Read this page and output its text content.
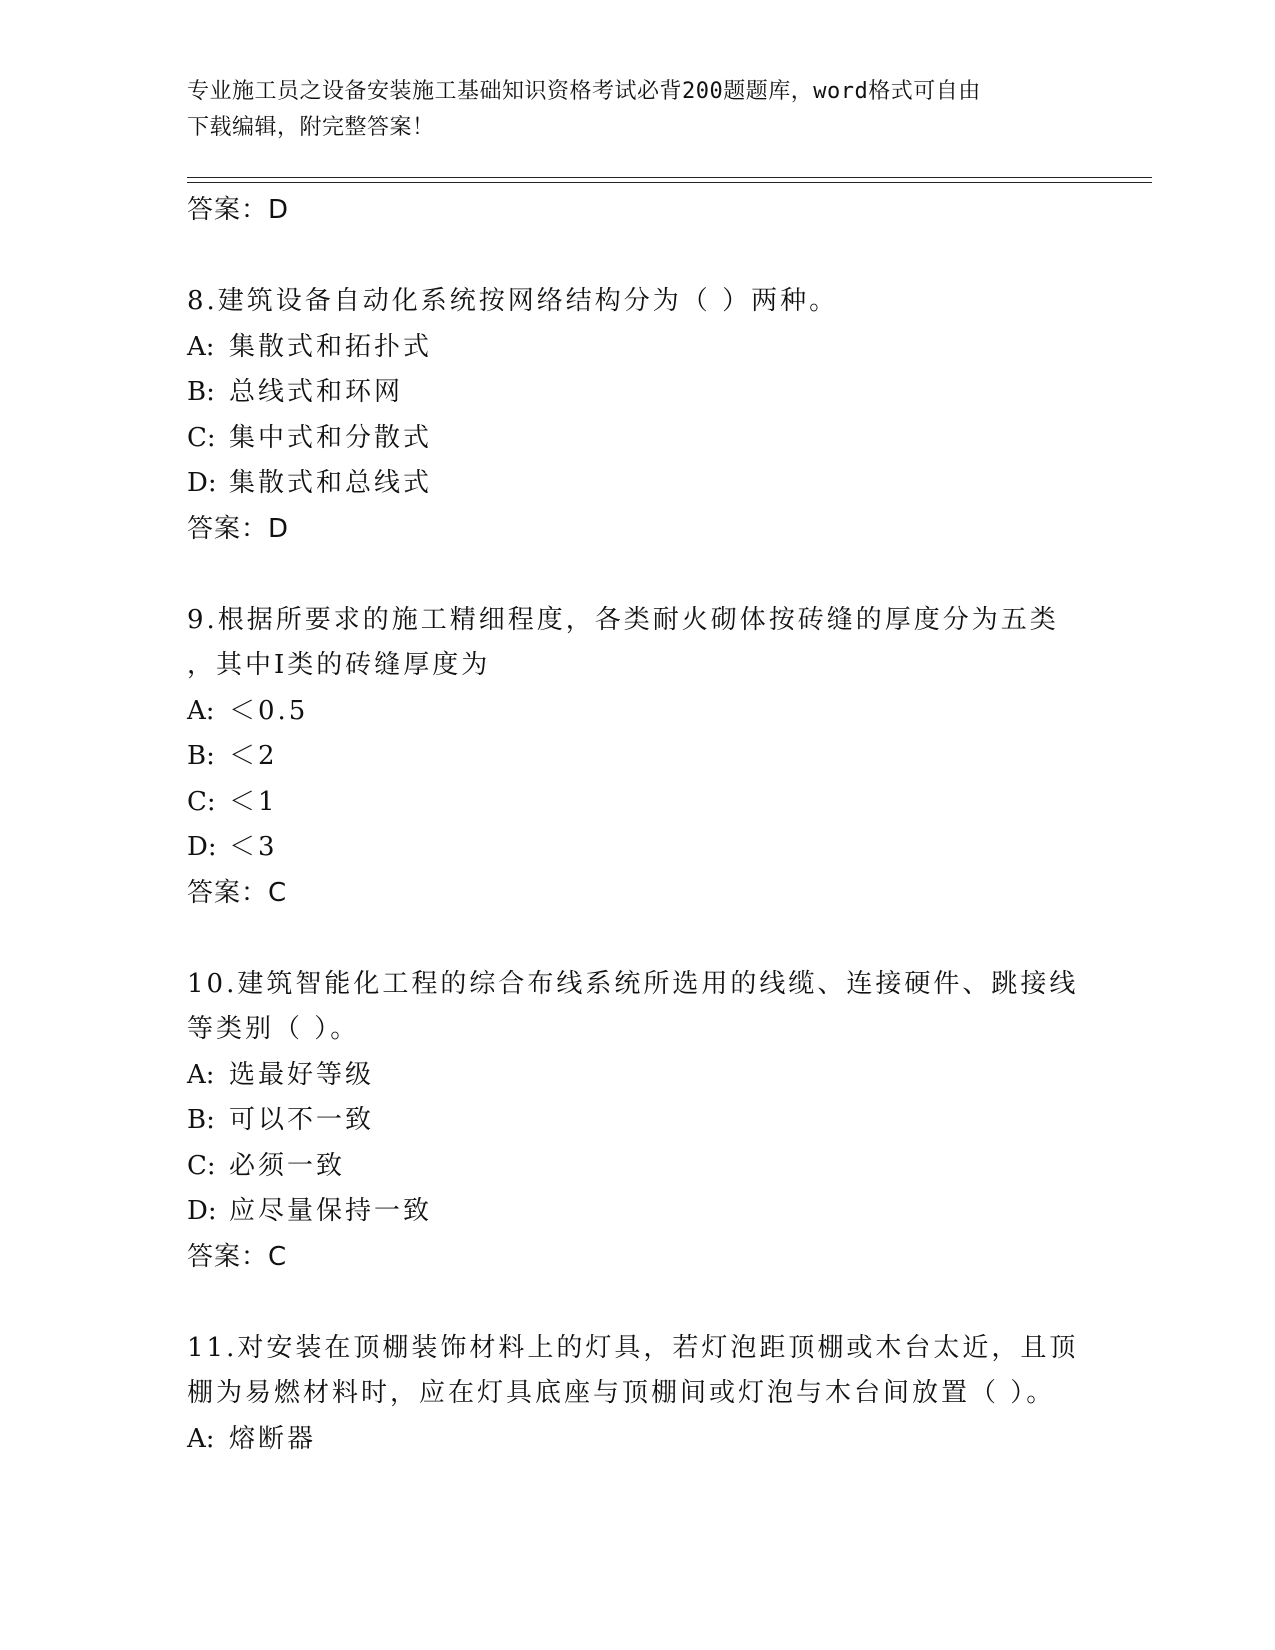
专业施工员之设备安装施工基础知识资格考试必背200题题库，word格式可自由
下载编辑，附完整答案！
答案：D
8.建筑设备自动化系统按网络结构分为（ ）两种。
A: 集散式和拓扑式
B: 总线式和环网
C: 集中式和分散式
D: 集散式和总线式
答案：D
9.根据所要求的施工精细程度，各类耐火砌体按砖缝的厚度分为五类
，其中Ⅰ类的砖缝厚度为
A: ＜0.5
B: ＜2
C: ＜1
D: ＜3
答案：C
10.建筑智能化工程的综合布线系统所选用的线缆、连接硬件、跳接线
等类别（ ）。
A: 选最好等级
B: 可以不一致
C: 必须一致
D: 应尽量保持一致
答案：C
11.对安装在顶棚装饰材料上的灯具，若灯泡距顶棚或木台太近，且顶
棚为易燃材料时，应在灯具底座与顶棚间或灯泡与木台间放置（ ）。
A: 熔断器
